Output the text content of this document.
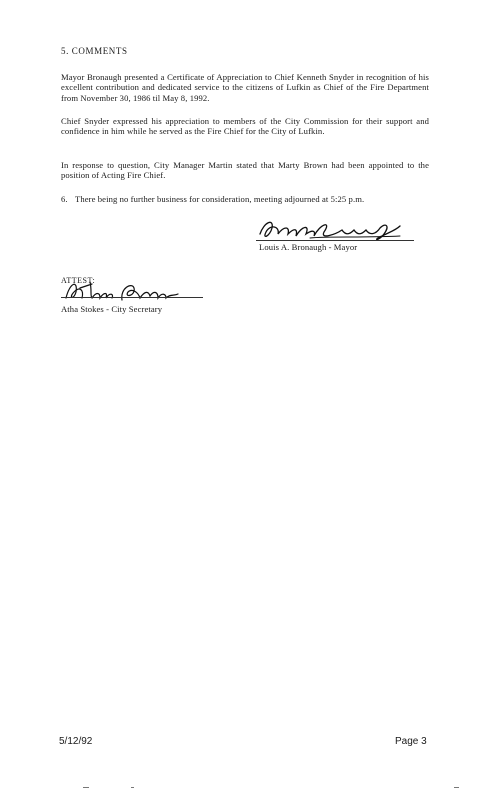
5. COMMENTS
Mayor Bronaugh presented a Certificate of Appreciation to Chief Kenneth Snyder in recognition of his excellent contribution and dedicated service to the citizens of Lufkin as Chief of the Fire Department from November 30, 1986 til May 8, 1992.
Chief Snyder expressed his appreciation to members of the City Commission for their support and confidence in him while he served as the Fire Chief for the City of Lufkin.
In response to question, City Manager Martin stated that Marty Brown had been appointed to the position of Acting Fire Chief.
6. There being no further business for consideration, meeting adjourned at 5:25 p.m.
Louis A. Bronaugh - Mayor
ATTEST:
Atha Stokes - City Secretary
5/12/92	Page 3
